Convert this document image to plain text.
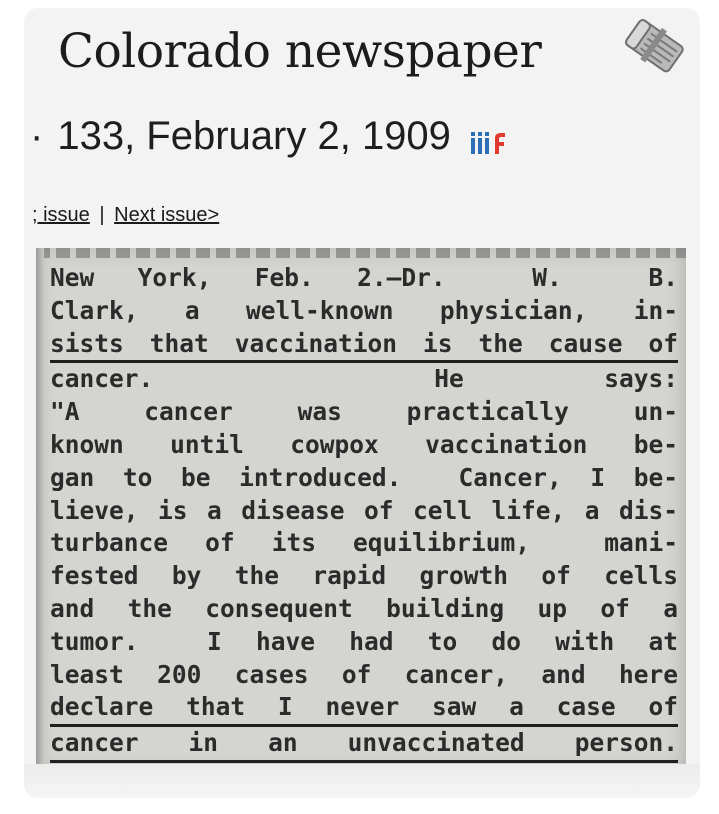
Colorado newspaper
· 133, February 2, 1909
; issue | Next issue>
New York, Feb. 2.—Dr.  W.  B.
Clark, a well-known physician, in-
sists that vaccination is the cause of
cancer.  He says:
"A cancer was practically un-
known until cowpox vaccination be-
gan to be introduced.  Cancer, I be-
lieve, is a disease of cell life, a dis-
turbance of its equilibrium,  mani-
fested by the rapid growth of cells
and the consequent building up of a
tumor.  I have had to do with at
least 200 cases of cancer, and here
declare that I never saw a case of
cancer in an unvaccinated person.
